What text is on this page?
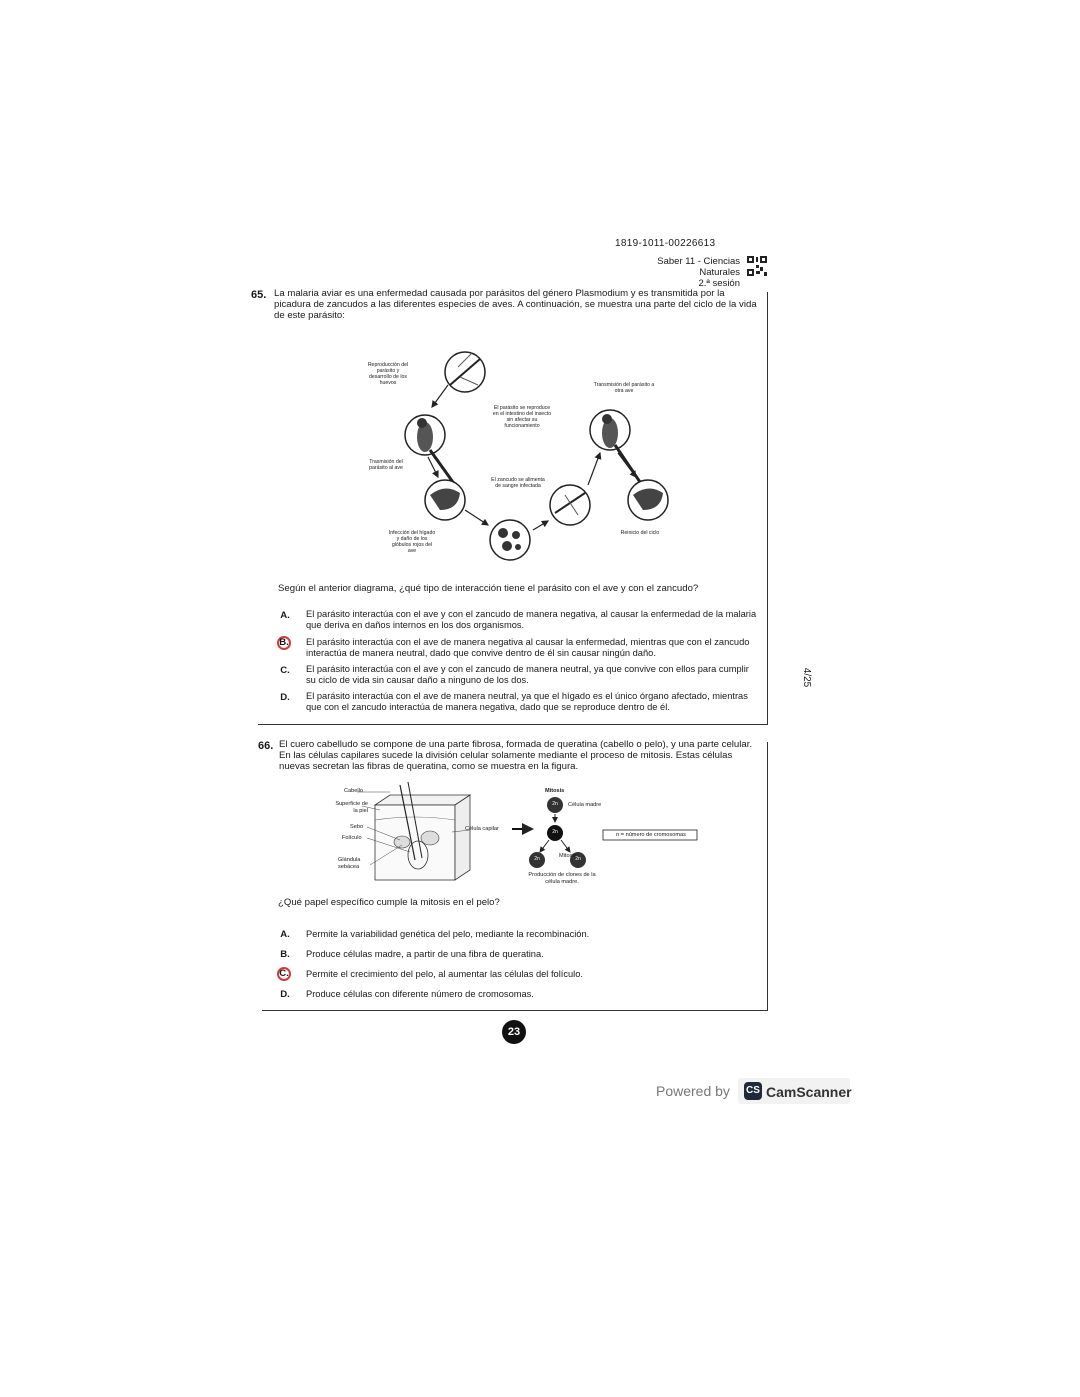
1819-1011-00226613
Saber 11 - Ciencias Naturales
2.ª sesión
65. La malaria aviar es una enfermedad causada por parásitos del género Plasmodium y es transmitida por la picadura de zancudos a las diferentes especies de aves. A continuación, se muestra una parte del ciclo de la vida de este parásito:
Reproducción del parásito y desarrollo de los huevos	Transmisión del parásito a otra ave
El parásito se reproduce en el intestino del insecto sin afectar su funcionamiento
Trasmisión del parásito al ave
El zancudo se alimenta de sangre infectada
Infección del hígado y daño de los glóbulos rojos del ave
Reinicio del ciclo
Según el anterior diagrama, ¿qué tipo de interacción tiene el parásito con el ave y con el zancudo?
A. El parásito interactúa con el ave y con el zancudo de manera negativa, al causar la enfermedad de la malaria que deriva en daños internos en los dos organismos.
B. El parásito interactúa con el ave de manera negativa al causar la enfermedad, mientras que con el zancudo interactúa de manera neutral, dado que convive dentro de él sin causar ningún daño.
C. El parásito interactúa con el ave y con el zancudo de manera neutral, ya que convive con ellos para cumplir su ciclo de vida sin causar daño a ninguno de los dos.
D. El parásito interactúa con el ave de manera neutral, ya que el hígado es el único órgano afectado, mientras que con el zancudo interactúa de manera negativa, dado que se reproduce dentro de él.
4/25
66. El cuero cabelludo se compone de una parte fibrosa, formada de queratina (cabello o pelo), y una parte celular. En las células capilares sucede la división celular solamente mediante el proceso de mitosis. Estas células nuevas secretan las fibras de queratina, como se muestra en la figura.
Cabello
Superficie de la piel
Sebo
Folículo
Glándula sebácea
Célula capilar
Mitosis
Célula madre
Mitosis
Producción de clones de la célula madre.
n = número de cromosomas
2n
2n
2n	2n
¿Qué papel específico cumple la mitosis en el pelo?
A. Permite la variabilidad genética del pelo, mediante la recombinación.
B. Produce células madre, a partir de una fibra de queratina.
C. Permite el crecimiento del pelo, al aumentar las células del folículo.
D. Produce células con diferente número de cromosomas.
23
Powered by CS CamScanner
